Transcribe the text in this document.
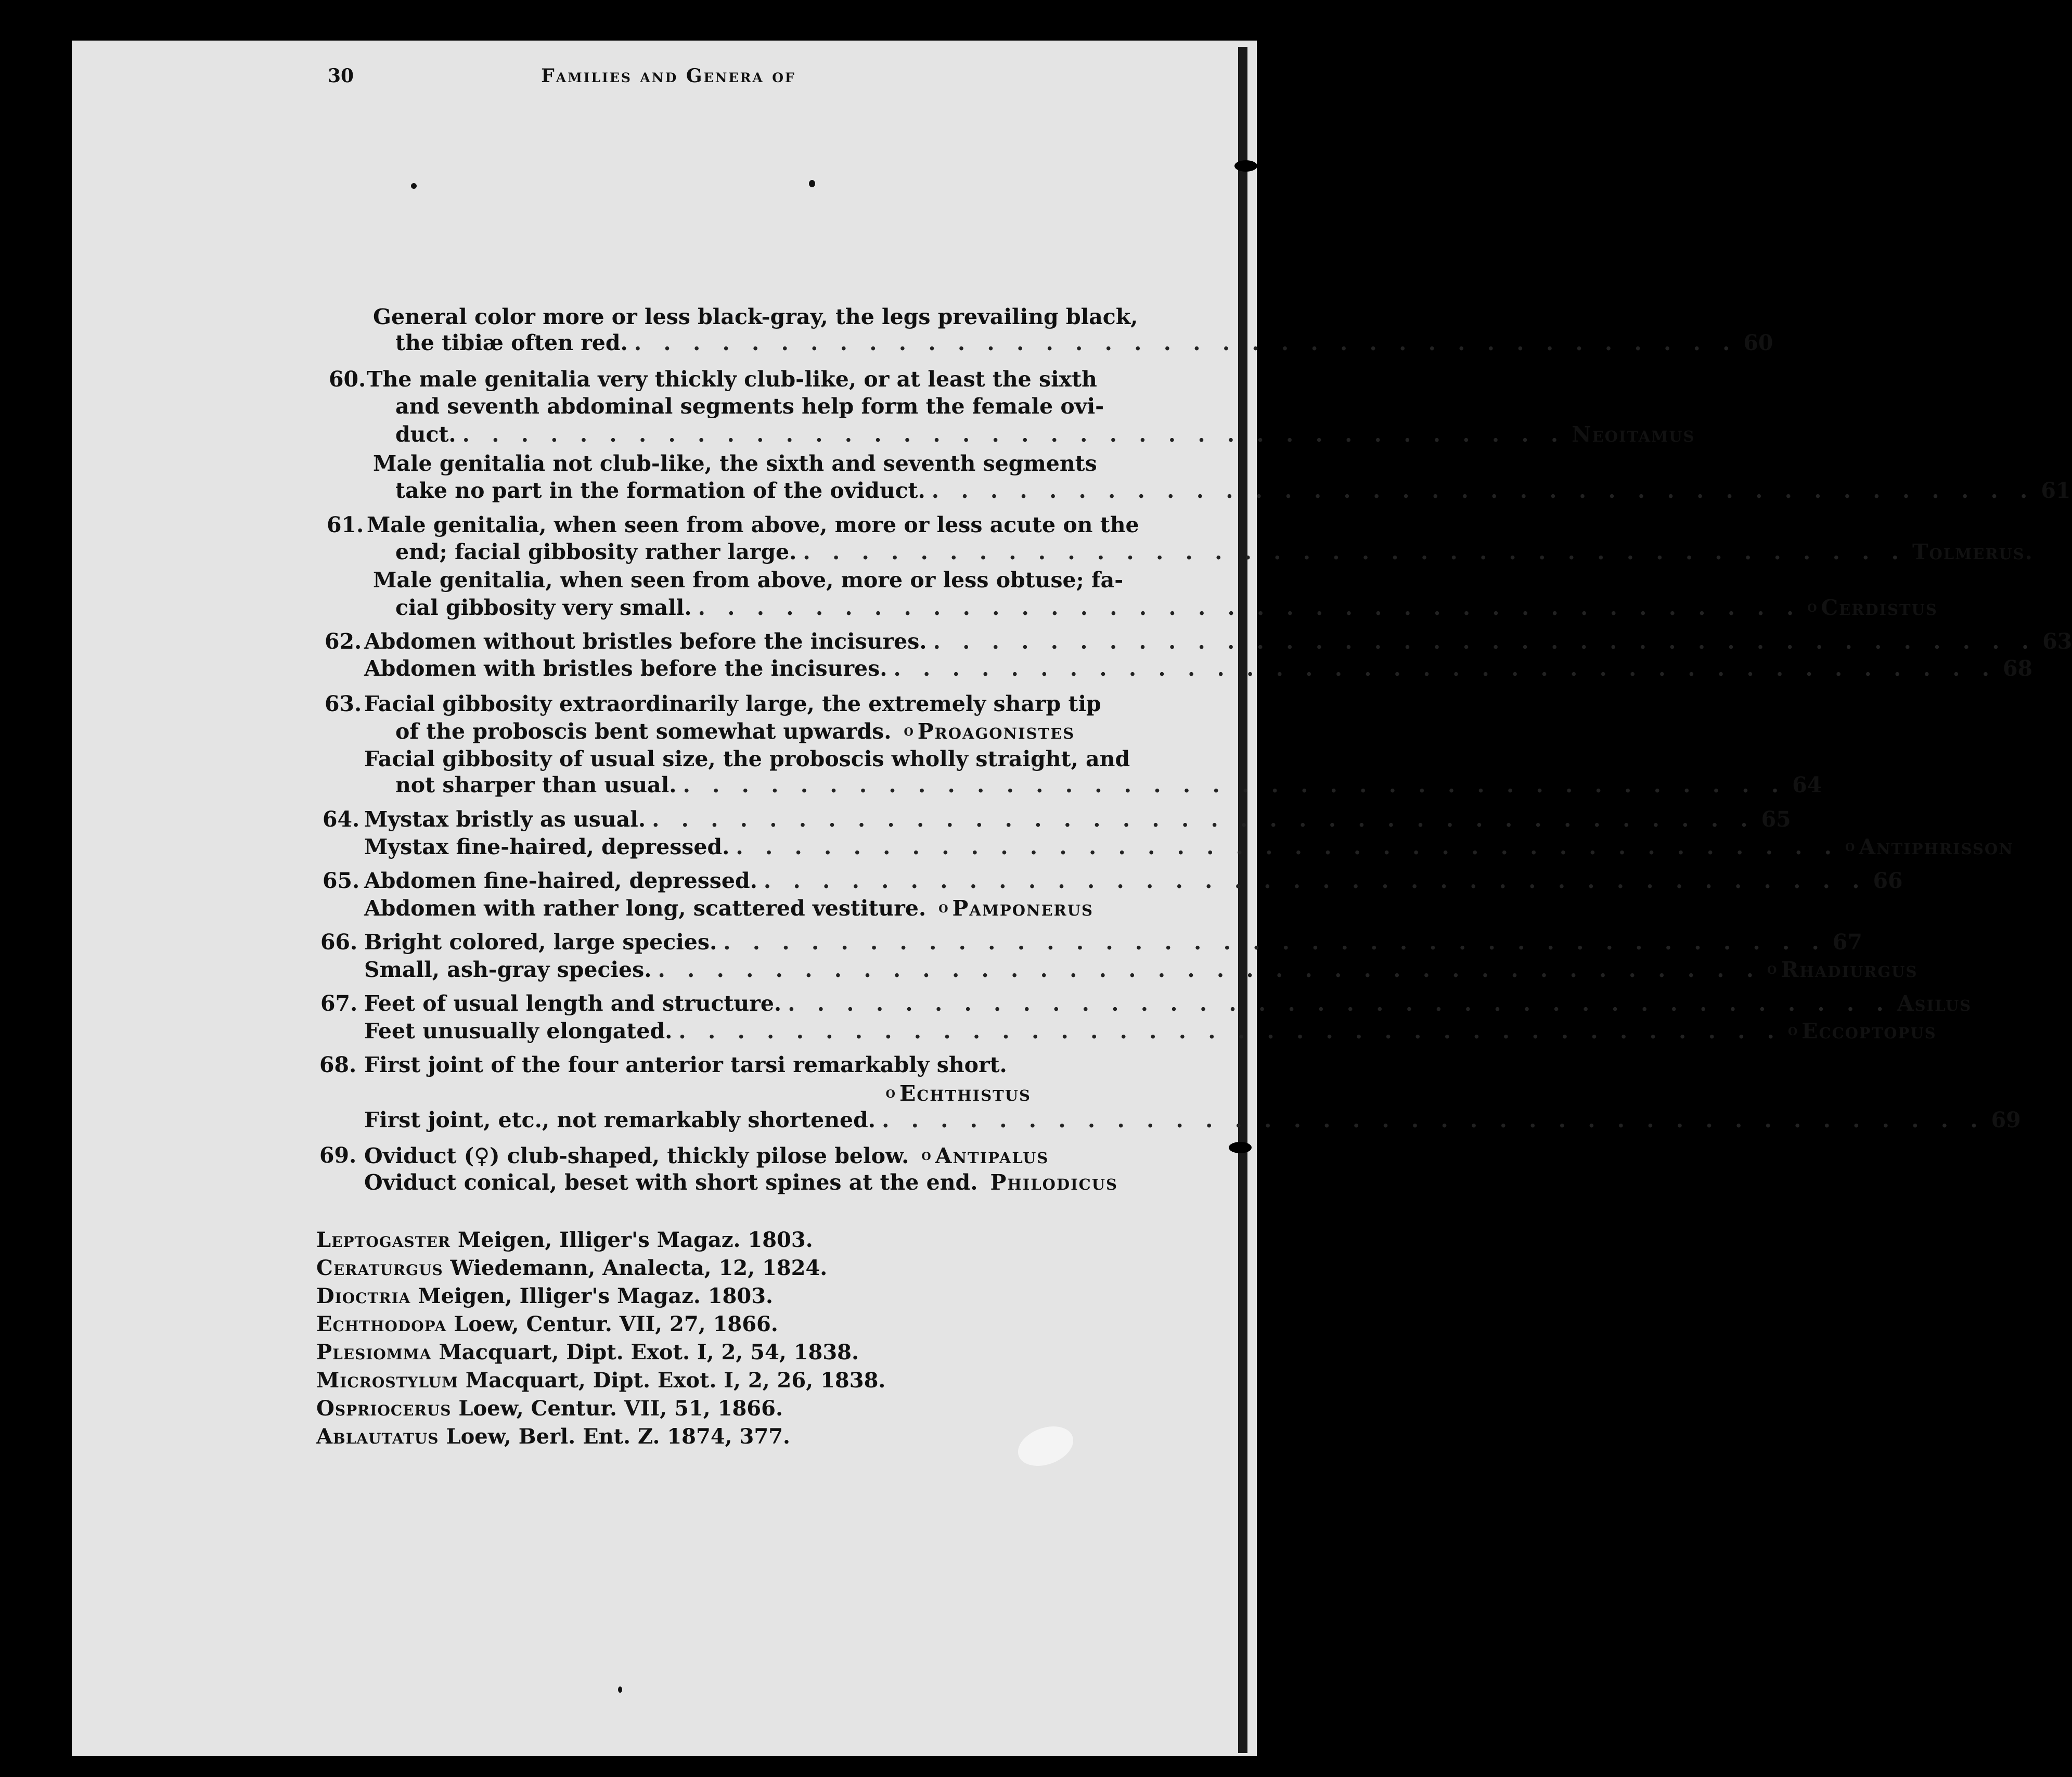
30	Families and Genera of
General color more or less black-gray, the legs prevailing black,
the tibiæ often red. . . . . . . . . . . . . . . . . . . . . . . . . . . . . . . . . . . . . . . 60
60. The male genitalia very thickly club-like, or at least the sixth
and seventh abdominal segments help form the female ovi-
duct. . . . . . . . . . . . . . . . . . . . . . . . . . . . . . . . . . . . . . . Neoitamus
Male genitalia not club-like, the sixth and seventh segments
take no part in the formation of the oviduct. . . . . . . . . . . . . . . . . . . . . . . . . . . . . . . . . . . . . . . 61
61. Male genitalia, when seen from above, more or less acute on the
end; facial gibbosity rather large. . . . . . . . . . . . . . . . . . . . . . . . . . . . . . . . . . . . . . . Tolmerus.
Male genitalia, when seen from above, more or less obtuse; fa-
cial gibbosity very small. . . . . . . . . . . . . . . . . . . . . . . . . . . . . . . . . . . . . . . o Cerdistus
62. Abdomen without bristles before the incisures. . . . . . . . . . . . . . . . . . . . . . . . . . . . . . . . . . . . . . . 63
Abdomen with bristles before the incisures. . . . . . . . . . . . . . . . . . . . . . . . . . . . . . . . . . . . . . . 68
63. Facial gibbosity extraordinarily large, the extremely sharp tip
of the proboscis bent somewhat upwards. o Proagonistes
Facial gibbosity of usual size, the proboscis wholly straight, and
not sharper than usual. . . . . . . . . . . . . . . . . . . . . . . . . . . . . . . . . . . . . . . 64
64. Mystax bristly as usual. . . . . . . . . . . . . . . . . . . . . . . . . . . . . . . . . . . . . . . 65
Mystax fine-haired, depressed. . . . . . . . . . . . . . . . . . . . . . . . . . . . . . . . . . . . . . . o Antiphrisson
65. Abdomen fine-haired, depressed. . . . . . . . . . . . . . . . . . . . . . . . . . . . . . . . . . . . . . . 66
Abdomen with rather long, scattered vestiture. o Pamponerus
66. Bright colored, large species. . . . . . . . . . . . . . . . . . . . . . . . . . . . . . . . . . . . . . . 67
Small, ash-gray species. . . . . . . . . . . . . . . . . . . . . . . . . . . . . . . . . . . . . . . o Rhadiurgus
67. Feet of usual length and structure. . . . . . . . . . . . . . . . . . . . . . . . . . . . . . . . . . . . . . . Asilus
Feet unusually elongated. . . . . . . . . . . . . . . . . . . . . . . . . . . . . . . . . . . . . . . o Eccoptopus
68. First joint of the four anterior tarsi remarkably short.
o Echthistus
First joint, etc., not remarkably shortened. . . . . . . . . . . . . . . . . . . . . . . . . . . . . . . . . . . . . . . 69
69. Oviduct (♀) club-shaped, thickly pilose below. o Antipalus
Oviduct conical, beset with short spines at the end. Philodicus
Leptogaster Meigen, Illiger's Magaz. 1803.
Ceraturgus Wiedemann, Analecta, 12, 1824.
Dioctria Meigen, Illiger's Magaz. 1803.
Echthodopa Loew, Centur. VII, 27, 1866.
Plesiomma Macquart, Dipt. Exot. I, 2, 54, 1838.
Microstylum Macquart, Dipt. Exot. I, 2, 26, 1838.
Ospriocerus Loew, Centur. VII, 51, 1866.
Ablautatus Loew, Berl. Ent. Z. 1874, 377.
